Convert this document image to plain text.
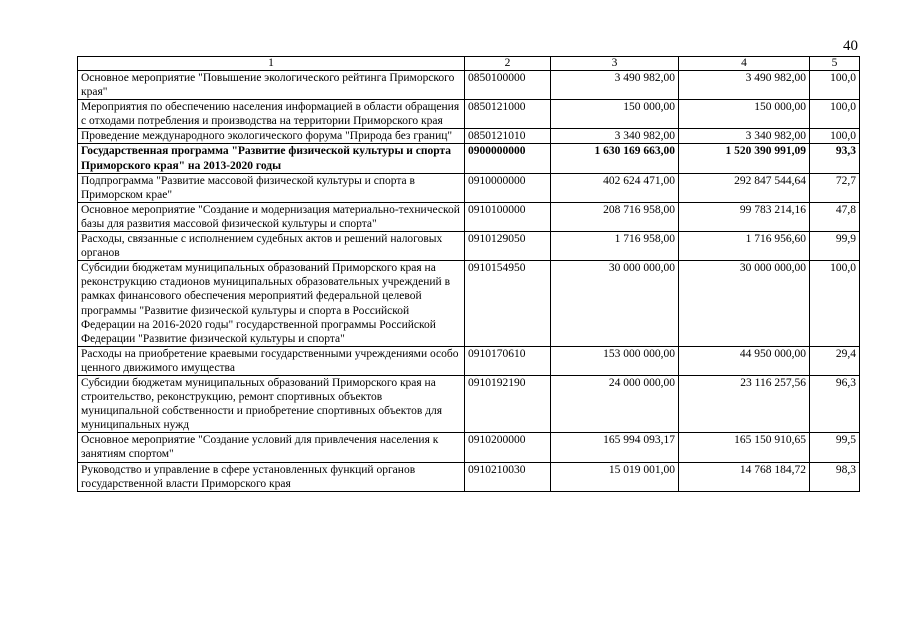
40
1	2	3	4	5
Основное мероприятие "Повышение экологического рейтинга Приморского края"	0850100000	3 490 982,00	3 490 982,00	100,0
Мероприятия по обеспечению населения информацией в области обращения с отходами потребления и производства на территории Приморского края	0850121000	150 000,00	150 000,00	100,0
Проведение международного экологического форума "Природа без границ"	0850121010	3 340 982,00	3 340 982,00	100,0
Государственная программа "Развитие физической культуры и спорта Приморского края" на 2013-2020 годы	0900000000	1 630 169 663,00	1 520 390 991,09	93,3
Подпрограмма "Развитие массовой физической культуры и спорта в Приморском крае"	0910000000	402 624 471,00	292 847 544,64	72,7
Основное мероприятие "Создание и модернизация материально-технической базы для развития массовой физической культуры и спорта"	0910100000	208 716 958,00	99 783 214,16	47,8
Расходы, связанные с исполнением судебных актов и решений налоговых органов	0910129050	1 716 958,00	1 716 956,60	99,9
Субсидии бюджетам муниципальных образований Приморского края на реконструкцию стадионов муниципальных образовательных учреждений в рамках финансового обеспечения мероприятий федеральной целевой программы "Развитие физической культуры и спорта в Российской Федерации на 2016-2020 годы" государственной программы Российской Федерации "Развитие физической культуры и спорта"	0910154950	30 000 000,00	30 000 000,00	100,0
Расходы на приобретение краевыми государственными учреждениями особо ценного движимого имущества	0910170610	153 000 000,00	44 950 000,00	29,4
Субсидии бюджетам муниципальных образований Приморского края на строительство, реконструкцию, ремонт спортивных объектов муниципальной собственности и приобретение спортивных объектов для муниципальных нужд	0910192190	24 000 000,00	23 116 257,56	96,3
Основное мероприятие "Создание условий для привлечения населения к занятиям спортом"	0910200000	165 994 093,17	165 150 910,65	99,5
Руководство и управление в сфере установленных функций органов государственной власти Приморского края	0910210030	15 019 001,00	14 768 184,72	98,3
